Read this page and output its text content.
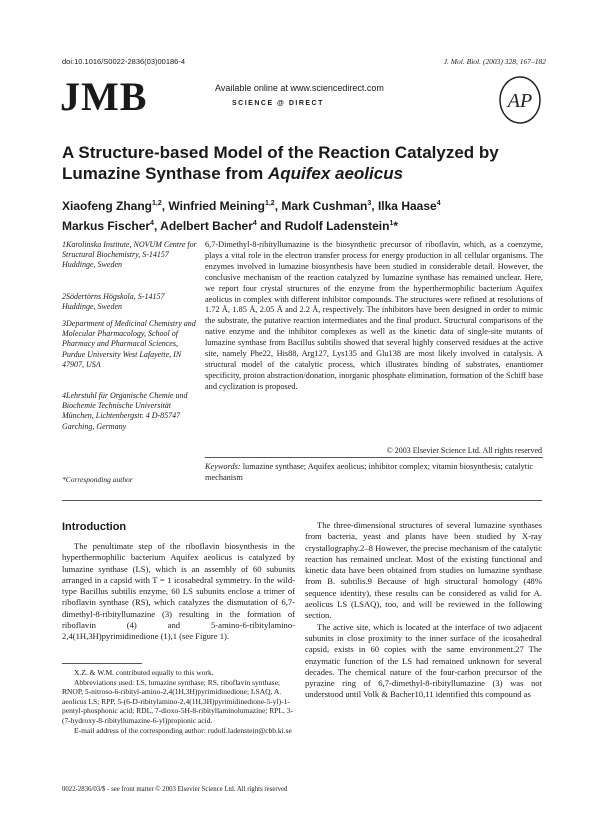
doi:10.1016/S0022-2836(03)00186-4	J. Mol. Biol. (2003) 328, 167–182
JMB	Available online at www.sciencedirect.com
SCIENCE @ DIRECT	AP
A Structure-based Model of the Reaction Catalyzed by
Lumazine Synthase from Aquifex aeolicus
Xiaofeng Zhang$^{1,2}$, Winfried Meining$^{1,2}$, Mark Cushman$^3$, Ilka Haase$^4$
Markus Fischer$^4$, Adelbert Bacher$^4$ and Rudolf Ladenstein$^1$*
1Karolinska Institute, NOVUM Centre for Structural Biochemistry, S-14157 Huddinge, Sweden
2Södertörns Högskola, S-14157 Huddinge, Sweden
3Department of Medicinal Chemistry and Molecular Pharmacology, School of Pharmacy and Pharmacal Sciences, Purdue University West Lafayette, IN 47907, USA
4Lehrstuhl für Organische Chemie und Biochemie Technische Universität München, Lichtenbergstr. 4 D-85747 Garching, Germany
*Corresponding author
6,7-Dimethyl-8-ribityllumazine is the biosynthetic precursor of riboflavin, which, as a coenzyme, plays a vital role in the electron transfer process for energy production in all cellular organisms. The enzymes involved in lumazine biosynthesis have been studied in considerable detail. However, the conclusive mechanism of the reaction catalyzed by lumazine synthase has remained unclear. Here, we report four crystal structures of the enzyme from the hyperthermophilic bacterium Aquifex aeolicus in complex with different inhibitor compounds. The structures were refined at resolutions of 1.72 Å, 1.85 Å, 2.05 Å and 2.2 Å, respectively. The inhibitors have been designed in order to mimic the substrate, the putative reaction intermediates and the final product. Structural comparisons of the native enzyme and the inhibitor complexes as well as the kinetic data of single-site mutants of lumazine synthase from Bacillus subtilis showed that several highly conserved residues at the active site, namely Phe22, His88, Arg127, Lys135 and Glu138 are most likely involved in catalysis. A structural model of the catalytic process, which illustrates binding of substrates, enantiomer specificity, proton abstraction/donation, inorganic phosphate elimination, formation of the Schiff base and cyclization is proposed.
© 2003 Elsevier Science Ltd. All rights reserved
Keywords: lumazine synthase; Aquifex aeolicus; inhibitor complex; vitamin biosynthesis; catalytic mechanism
Introduction

The penultimate step of the riboflavin biosynthesis in the hyperthermophilic bacterium Aquifex aeolicus is catalyzed by lumazine synthase (LS), which is an assembly of 60 subunits arranged in a capsid with T = 1 icosahedral symmetry. In the wild-type Bacillus subtilis enzyme, 60 LS subunits enclose a trimer of riboflavin synthase (RS), which catalyzes the dismutation of 6,7-dimethyl-8-ribityllumazine (3) resulting in the formation of riboflavin (4) and 5-amino-6-ribitylamino-2,4(1H,3H)pyrimidinedione (1),1 (see Figure 1).

The three-dimensional structures of several lumazine synthases from bacteria, yeast and plants have been studied by X-ray crystallography.2–8 However, the precise mechanism of the catalytic reaction has remained unclear. Most of the existing functional and kinetic data have been obtained from studies on lumazine synthase from B. subtilis.9 Because of high structural homology (48% sequence identity), these results can be considered as valid for A. aeolicus LS (LSAQ), too, and will be reviewed in the following section.

The active site, which is located at the interface of two adjacent subunits in close proximity to the inner surface of the icosahedral capsid, exists in 60 copies with the same environment.27 The enzymatic function of the LS had remained unknown for several decades. The chemical nature of the four-carbon precursor of the pyrazine ring of 6,7-dimethyl-8-ribityllumazine (3) was not understood until Volk & Bacher10,11 identified this compound as

X.Z. & W.M. contributed equally to this work.

Abbreviations used: LS, lumazine synthase; RS, riboflavin synthase; RNOP, 5-nitroso-6-ribityl-amino-2,4(1H,3H)pyrimidinedione; LSAQ, A. aeolicus LS; RPP, 5-(6-D-ribitylamino-2,4(1H,3H)pyrimidinedione-5-yl)-1-pentyl-phosphonic acid; RDL, 7-dioxo-5H-8-ribityllaminolumazine; RPL, 3-(7-hydroxy-8-ribityllumazine-6-yl)propionic acid.

E-mail address of the corresponding author: rudolf.ladenstein@cbb.ki.se

0022-2836/03/$ - see front matter © 2003 Elsevier Science Ltd. All rights reserved
